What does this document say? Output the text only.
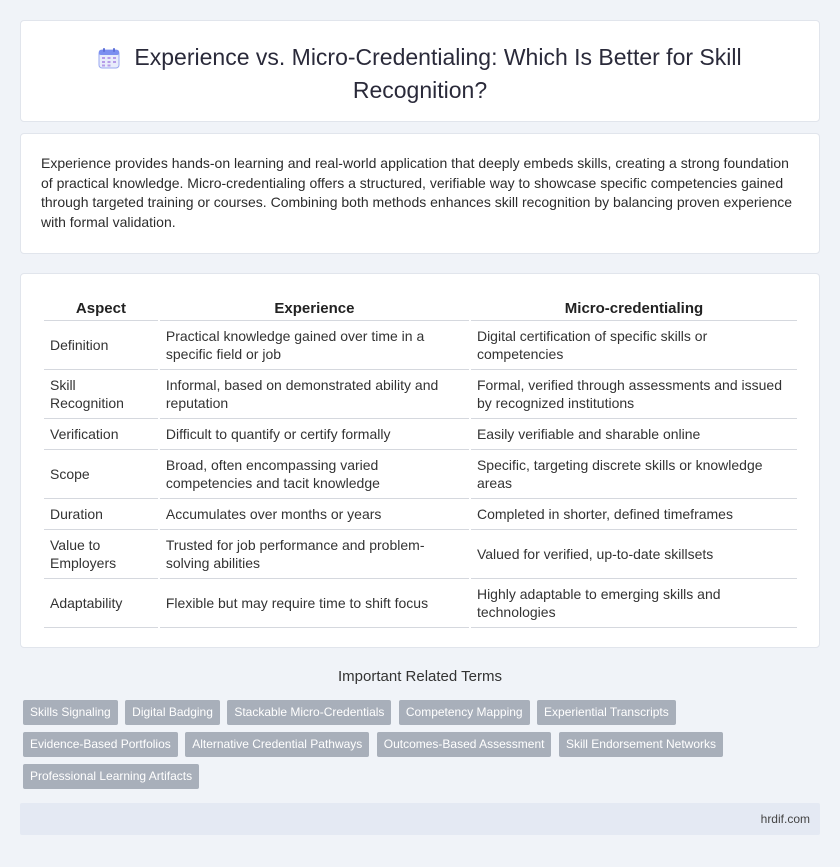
Experience vs. Micro-Credentialing: Which Is Better for Skill Recognition?
Experience provides hands-on learning and real-world application that deeply embeds skills, creating a strong foundation of practical knowledge. Micro-credentialing offers a structured, verifiable way to showcase specific competencies gained through targeted training or courses. Combining both methods enhances skill recognition by balancing proven experience with formal validation.
Aspect	Experience	Micro-credentialing
Definition	Practical knowledge gained over time in a specific field or job	Digital certification of specific skills or competencies
Skill Recognition	Informal, based on demonstrated ability and reputation	Formal, verified through assessments and issued by recognized institutions
Verification	Difficult to quantify or certify formally	Easily verifiable and sharable online
Scope	Broad, often encompassing varied competencies and tacit knowledge	Specific, targeting discrete skills or knowledge areas
Duration	Accumulates over months or years	Completed in shorter, defined timeframes
Value to Employers	Trusted for job performance and problem-solving abilities	Valued for verified, up-to-date skillsets
Adaptability	Flexible but may require time to shift focus	Highly adaptable to emerging skills and technologies
Important Related Terms
Skills Signaling Digital Badging Stackable Micro-Credentials Competency Mapping Experiential Transcripts
Evidence-Based Portfolios Alternative Credential Pathways Outcomes-Based Assessment Skill Endorsement Networks
Professional Learning Artifacts
hrdif.com
